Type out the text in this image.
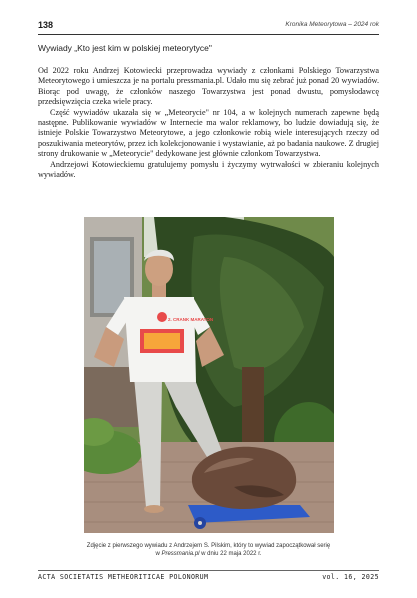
138	Kronika Meteorytowa – 2024 rok
Wywiady „Kto jest kim w polskiej meteorytyce"

Od 2022 roku Andrzej Kotowiecki przeprowadza wywiady z członkami Polskiego Towarzystwa Meteorytowego i umieszcza je na portalu pressmania.pl. Udało mu się zebrać już ponad 20 wywiadów. Biorąc pod uwagę, że członków naszego Towarzystwa jest ponad dwustu, pomysłodawcę przedsięwzięcia czeka wiele pracy.

Część wywiadów ukazała się w „Meteorycie" nr 104, a w kolejnych numerach zapewne będą następne. Publikowanie wywiadów w Internecie ma walor reklamowy, bo ludzie dowiadują się, że istnieje Polskie Towarzystwo Meteorytowe, a jego członkowie robią wiele interesujących rzeczy od poszukiwania meteorytów, przez ich kolekcjonowanie i wystawianie, aż po badania naukowe. Z drugiej strony drukowanie w „Meteorycie" dedykowane jest głównie członkom Towarzystwa.

Andrzejowi Kotowieckiemu gratulujemy pomysłu i życzymy wytrwałości w zbieraniu kolejnych wywiadów.

2. CRANK MARATON
Zdjęcie z pierwszego wywiadu z Andrzejem S. Pilskim, który to wywiad zapoczątkował serię
w Pressmania.pl w dniu 22 maja 2022 r.
ACTA SOCIETATIS METHEORITICAE POLONORUM	vol. 16, 2025
